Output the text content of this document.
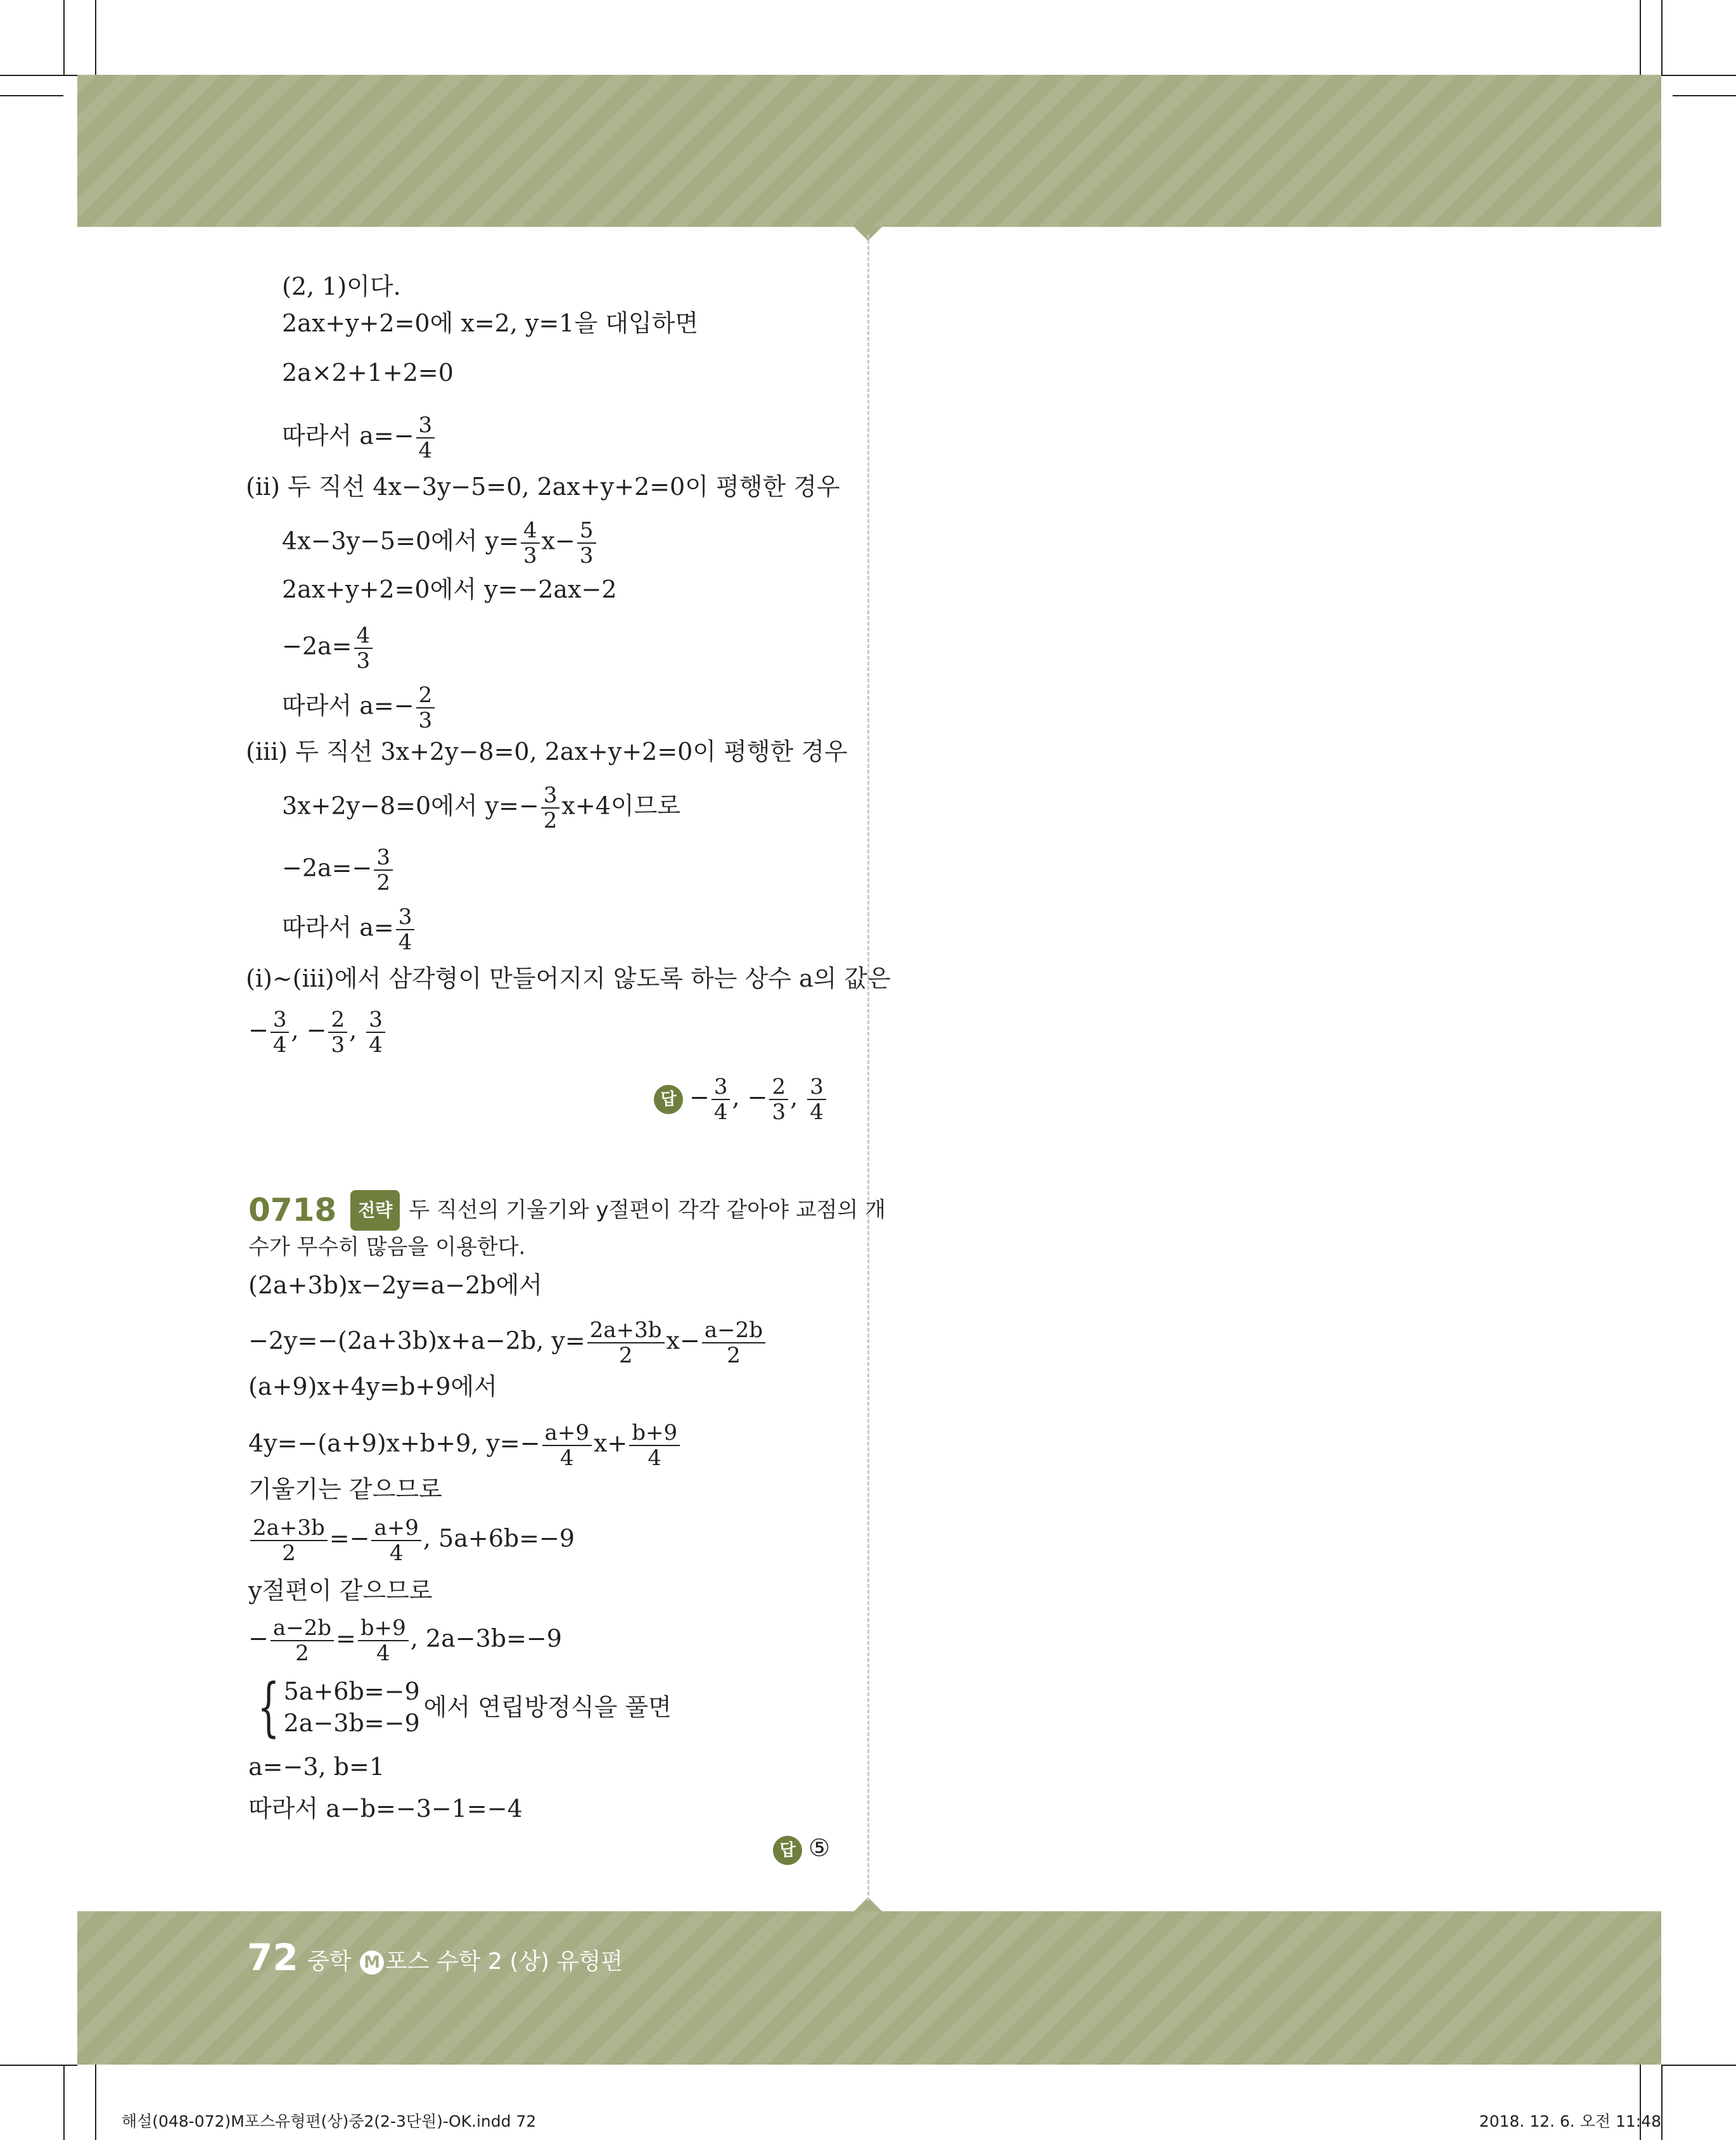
(2, 1)이다.
2ax+y+2=0에 x=2, y=1을 대입하면
2a×2+1+2=0
따라서 $a=- \frac{3}{4}$
(ii) 두 직선 4x−3y−5=0, 2ax+y+2=0이 평행한 경우
4x−3y−5=0에서 $y= \frac{4}{3} x- \frac{5}{3}$
2ax+y+2=0에서 y=−2ax−2
$-2a= \frac{4}{3}$
따라서 $a=- \frac{2}{3}$
(iii) 두 직선 3x+2y−8=0, 2ax+y+2=0이 평행한 경우
3x+2y−8=0에서 $y=- \frac{3}{2} x+4$이므로
$-2a=- \frac{3}{2}$
따라서 $a= \frac{3}{4}$
(i)~(iii)에서 삼각형이 만들어지지 않도록 하는 상수 a의 값은
− $\frac{3}{4}$ , − $\frac{2}{3}$ , $\frac{3}{4}$
답 − $\frac{3}{4}$ , − $\frac{2}{3}$ , $\frac{3}{4}$
0718 전략 두 직선의 기울기와 y절편이 각각 같아야 교점의 개
수가 무수히 많음을 이용한다.
(2a+3b)x−2y=a−2b에서
−2y=−(2a+3b)x+a−2b, $y= \frac{2a+3b}{2} x- \frac{a-2b}{2}$
(a+9)x+4y=b+9에서
4y=−(a+9)x+b+9, $y=- \frac{a+9}{4} x+ \frac{b+9}{4}$
기울기는 같으므로
$\frac{2a+3b}{2} =- \frac{a+9}{4}$ , 5a+6b=−9
y절편이 같으므로
− $\frac{a-2b}{2} = \frac{b+9}{4}$ , 2a−3b=−9
{ 5a+6b=−9
2a−3b=−9에서 연립방정식을 풀면
a=−3, b=1
따라서 a−b=−3−1=−4
답 ⑤
72 중학 M 포스 수학 2 (상) 유형편
해설(048-072)M포스유형편(상)중2(2-3단원)-OK.indd 72	2018. 12. 6. 오전 11:48
